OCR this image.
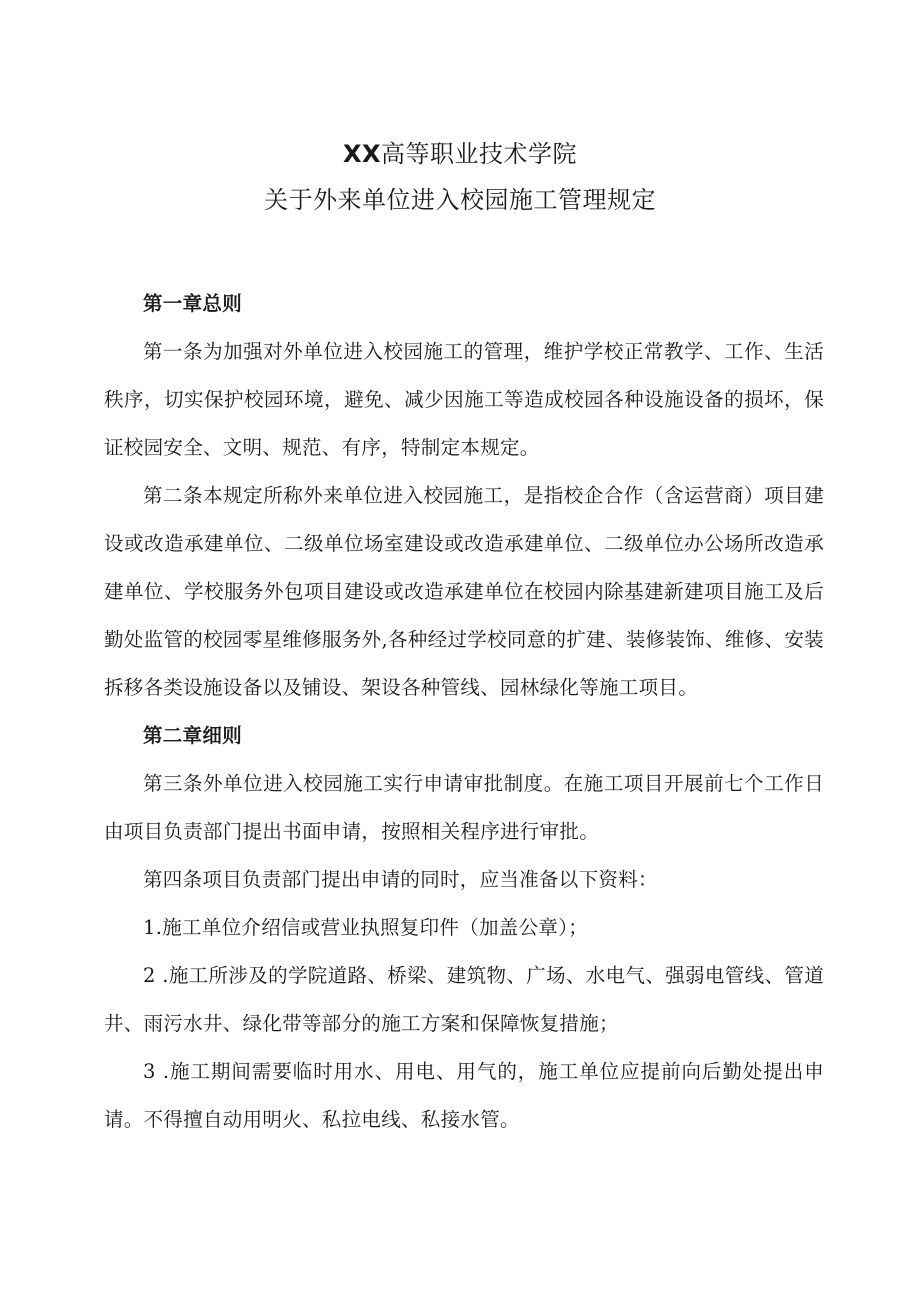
XX高等职业技术学院
关于外来单位进入校园施工管理规定

第一章总则

第一条为加强对外单位进入校园施工的管理，维护学校正常教学、工作、生活秩序，切实保护校园环境，避免、减少因施工等造成校园各种设施设备的损坏，保证校园安全、文明、规范、有序，特制定本规定。

第二条本规定所称外来单位进入校园施工，是指校企合作（含运营商）项目建设或改造承建单位、二级单位场室建设或改造承建单位、二级单位办公场所改造承建单位、学校服务外包项目建设或改造承建单位在校园内除基建新建项目施工及后勤处监管的校园零星维修服务外,各种经过学校同意的扩建、装修装饰、维修、安装拆移各类设施设备以及铺设、架设各种管线、园林绿化等施工项目。

第二章细则

第三条外单位进入校园施工实行申请审批制度。在施工项目开展前七个工作日由项目负责部门提出书面申请，按照相关程序进行审批。

第四条项目负责部门提出申请的同时，应当准备以下资料：

1.施工单位介绍信或营业执照复印件（加盖公章）；

2 .施工所涉及的学院道路、桥梁、建筑物、广场、水电气、强弱电管线、管道井、雨污水井、绿化带等部分的施工方案和保障恢复措施；

3 .施工期间需要临时用水、用电、用气的，施工单位应提前向后勤处提出申请。不得擅自动用明火、私拉电线、私接水管。
